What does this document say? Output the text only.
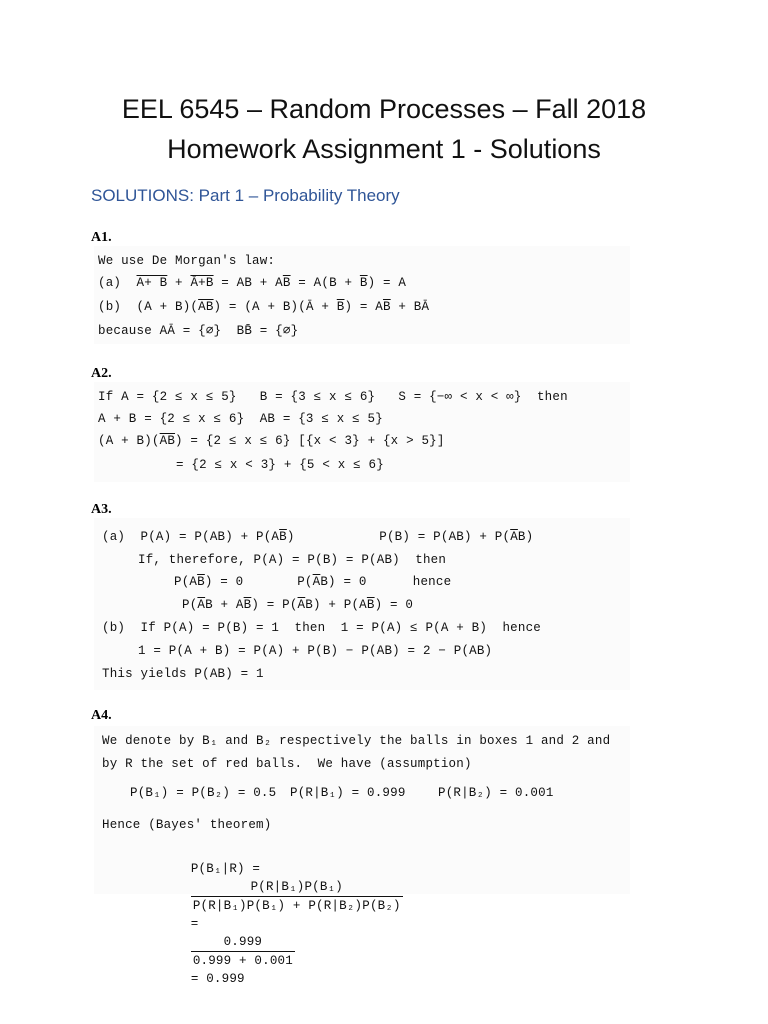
EEL 6545 – Random Processes – Fall 2018
Homework Assignment 1 - Solutions
SOLUTIONS: Part 1 – Probability Theory
A1.
We use De Morgan's law:
(a) A+ B + Ā+B = AB + $A\overline{B} = A(B + \overline{B}) = A$
(b)  $(A + B)(\overline{AB}) = (A$ + B)(Ā + $\overline{B}) = A\overline{B}$ + BĀ
because AĀ = {∅} BB̄ = {∅}
A2.
If A = {2 ≤ x ≤ 5}   B = {3 ≤ x ≤ 6}   S = {−∞ < x < ∞}  then
A + B = {2 ≤ x ≤ 6}  AB = {3 ≤ x ≤ 5}
$(A + B)(\overline{AB}) = \{2 \le x \le 6\} [\{x < 3\} + \{x > 5\}]$
= {2 ≤ x < 3} + {5 < x ≤ 6}
A3.
(a)  $P(A) = P(AB) + P(A\overline{B})$           $P(B) = P(AB) + P(\overline{A}B)$
If, therefore, P(A) = P(B) = P(AB)  then
$P(A\overline{B}) = 0$       $P(\overline{A}B) = 0$      hence
$P(\overline{A}B + A\overline{B}) = P(\overline{A}B) + P(A\overline{B}) = 0$
(b)  If P(A) = P(B) = 1  then  1 = P(A) ≤ P(A + B)  hence
1 = P(A + B) = P(A) + P(B) − P(AB) = 2 − P(AB)
This yields P(AB) = 1
A4.
We denote by B₁ and B₂ respectively the balls in boxes 1 and 2 and
by R the set of red balls.  We have (assumption)
P(B₁) = P(B₂) = 0.5 P(R|B₁) = 0.999	P(R|B₂) = 0.001
Hence (Bayes' theorem)

P(B₁|R) =

$\frac{\text{P(R|B₁)P(B₁)}}{\text{P(R|B₁)P(B₁) + P(R|B₂)P(B₂)}}$

=

$\frac{0.999}{0.999 + 0.001}$

= 0.999
